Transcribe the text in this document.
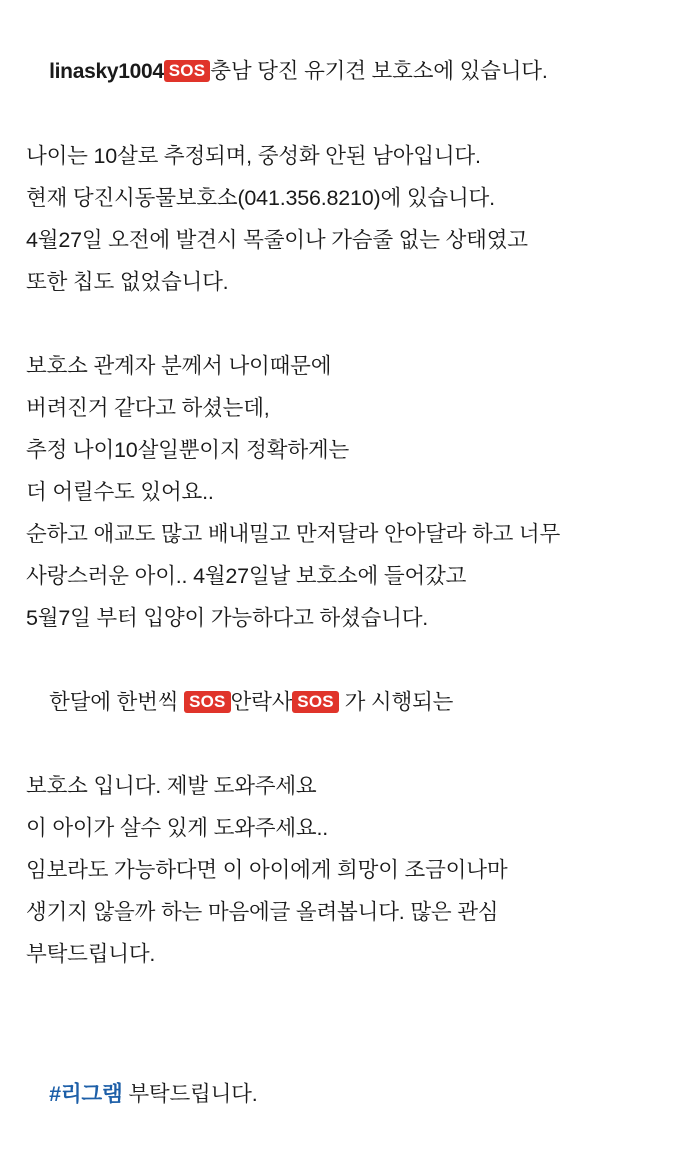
linasky1004 SOS 충남 당진 유기견 보호소에 있습니다.

나이는 10살로 추정되며, 중성화 안된 남아입니다.
현재 당진시동물보호소(041.356.8210)에 있습니다.
4월27일 오전에 발견시 목줄이나 가슴줄 없는 상태였고
또한 칩도 없었습니다.
보호소 관계자 분께서 나이때문에
버려진거 같다고 하셨는데,
추정 나이10살일뿐이지 정확하게는
더 어릴수도 있어요..
순하고 애교도 많고 배내밀고 만저달라 안아달라 하고 너무
사랑스러운 아이.. 4월27일날 보호소에 들어갔고
5월7일 부터 입양이 가능하다고 하셨습니다.

한달에 한번씩 SOS 안락사 SOS 가 시행되는

보호소 입니다. 제발 도와주세요
이 아이가 살수 있게 도와주세요..
임보라도 가능하다면 이 아이에게 희망이 조금이나마
생기지 않을까 하는 마음에글 올려봅니다. 많은 관심
부탁드립니다.

#리그램 부탁드립니다.
